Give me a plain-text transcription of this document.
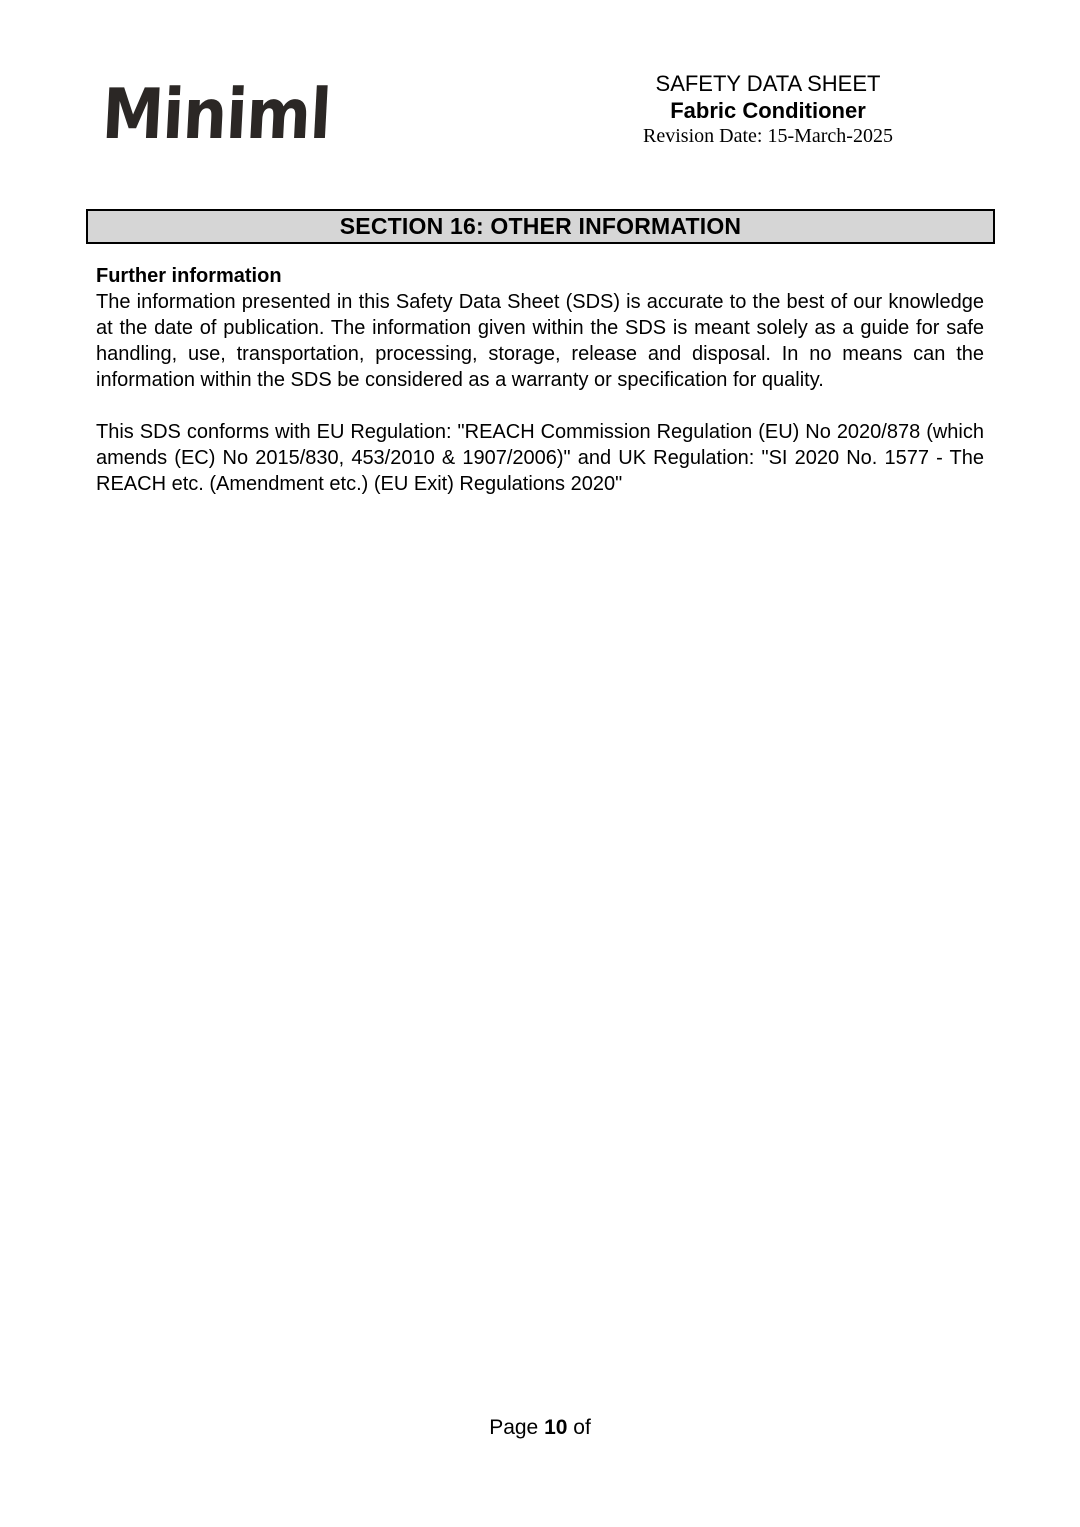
Miniml	SAFETY DATA SHEET
Fabric Conditioner
Revision Date: 15-March-2025
SECTION 16: OTHER INFORMATION

Further information

The information presented in this Safety Data Sheet (SDS) is accurate to the best of our knowledge at the date of publication. The information given within the SDS is meant solely as a guide for safe handling, use, transportation, processing, storage, release and disposal. In no means can the information within the SDS be considered as a warranty or specification for quality.

This SDS conforms with EU Regulation: "REACH Commission Regulation (EU) No 2020/878 (which amends (EC) No 2015/830, 453/2010 & 1907/2006)" and UK Regulation: "SI 2020 No. 1577 - The REACH etc. (Amendment etc.) (EU Exit) Regulations 2020"

Page 10 of
